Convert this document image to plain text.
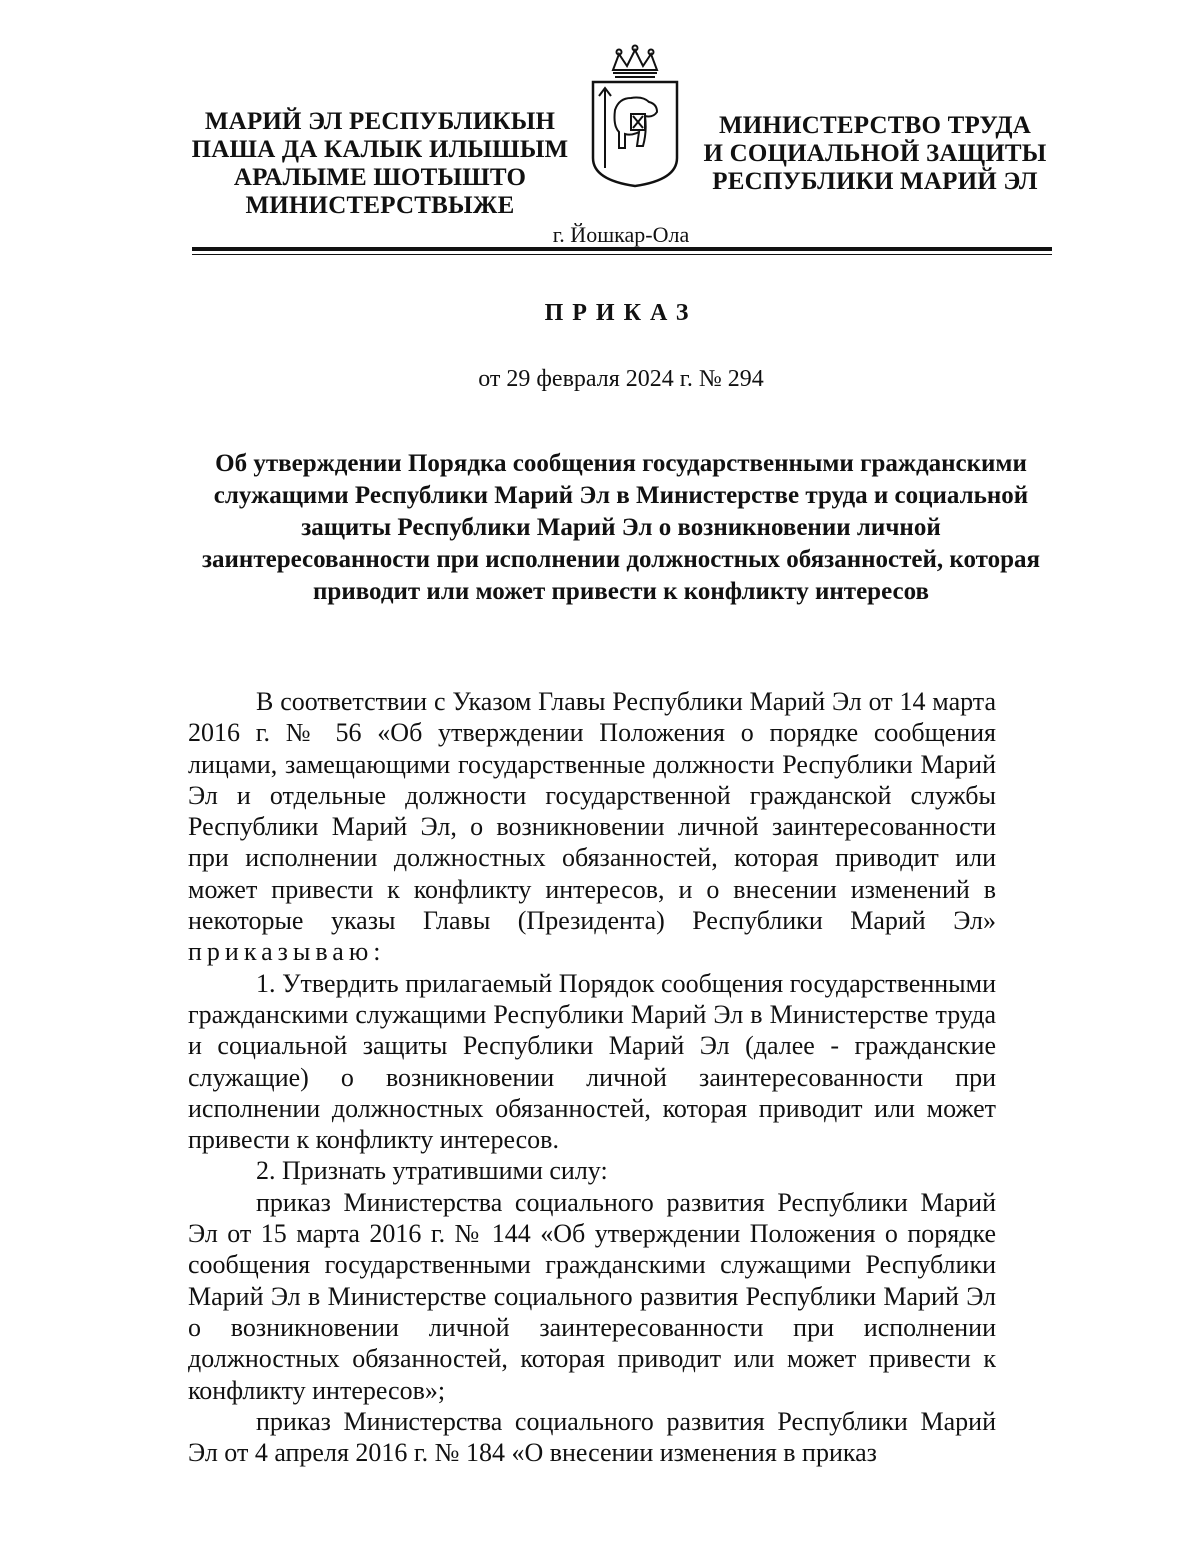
МАРИЙ ЭЛ РЕСПУБЛИКЫН
ПАША ДА КАЛЫК ИЛЫШЫМ
АРАЛЫМЕ ШОТЫШТО
МИНИСТЕРСТВЫЖЕ
МИНИСТЕРСТВО ТРУДА
И СОЦИАЛЬНОЙ ЗАЩИТЫ
РЕСПУБЛИКИ МАРИЙ ЭЛ
г. Йошкар-Ола
ПРИКАЗ
от 29 февраля 2024 г. № 294
Об утверждении Порядка сообщения государственными гражданскими служащими Республики Марий Эл в Министерстве труда и социальной защиты Республики Марий Эл о возникновении личной заинтересованности при исполнении должностных обязанностей, которая приводит или может привести к конфликту интересов

В соответствии с Указом Главы Республики Марий Эл от 14 марта 2016 г. № 56 «Об утверждении Положения о порядке сообщения лицами, замещающими государственные должности Республики Марий Эл и отдельные должности государственной гражданской службы Республики Марий Эл, о возникновении личной заинтересованности при исполнении должностных обязанностей, которая приводит или может привести к конфликту интересов, и о внесении изменений в некоторые указы Главы (Президента) Республики Марий Эл» приказываю:

1. Утвердить прилагаемый Порядок сообщения государственными гражданскими служащими Республики Марий Эл в Министерстве труда и социальной защиты Республики Марий Эл (далее - гражданские служащие) о возникновении личной заинтересованности при исполнении должностных обязанностей, которая приводит или может привести к конфликту интересов.

2. Признать утратившими силу:

приказ Министерства социального развития Республики Марий Эл от 15 марта 2016 г. № 144 «Об утверждении Положения о порядке сообщения государственными гражданскими служащими Республики Марий Эл в Министерстве социального развития Республики Марий Эл о возникновении личной заинтересованности при исполнении должностных обязанностей, которая приводит или может привести к конфликту интересов»;

приказ Министерства социального развития Республики Марий Эл от 4 апреля 2016 г. № 184 «О внесении изменения в приказ
